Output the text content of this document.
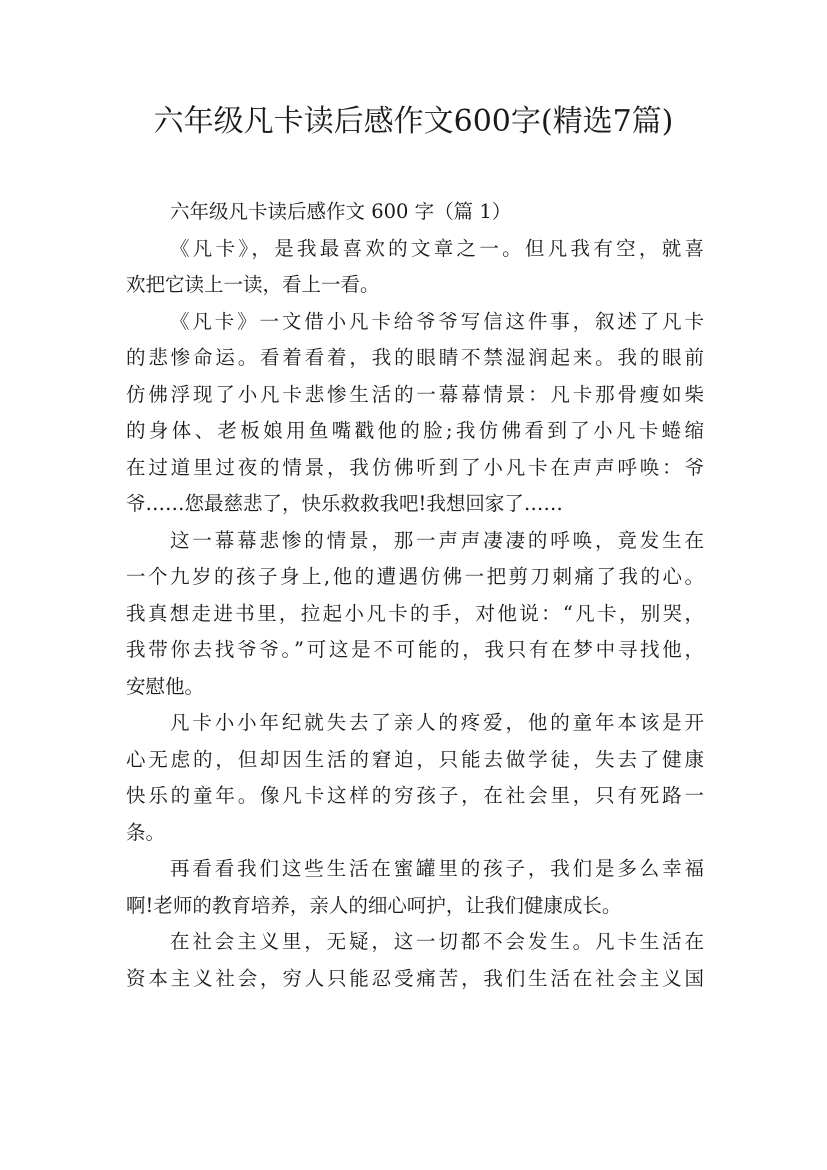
六年级凡卡读后感作文600字(精选7篇)

六年级凡卡读后感作文 600 字（篇 1）

《凡卡》，是我最喜欢的文章之一。但凡我有空，就喜

欢把它读上一读，看上一看。

《凡卡》一文借小凡卡给爷爷写信这件事，叙述了凡卡

的悲惨命运。看着看着，我的眼睛不禁湿润起来。我的眼前

仿佛浮现了小凡卡悲惨生活的一幕幕情景：凡卡那骨瘦如柴

的身体、老板娘用鱼嘴戳他的脸;我仿佛看到了小凡卡蜷缩

在过道里过夜的情景，我仿佛听到了小凡卡在声声呼唤：爷

爷……您最慈悲了，快乐救救我吧!我想回家了……

这一幕幕悲惨的情景，那一声声凄凄的呼唤，竟发生在

一个九岁的孩子身上,他的遭遇仿佛一把剪刀刺痛了我的心。

我真想走进书里，拉起小凡卡的手，对他说：“凡卡，别哭，

我带你去找爷爷。”可这是不可能的，我只有在梦中寻找他，

安慰他。

凡卡小小年纪就失去了亲人的疼爱，他的童年本该是开

心无虑的，但却因生活的窘迫，只能去做学徒，失去了健康

快乐的童年。像凡卡这样的穷孩子，在社会里，只有死路一

条。

再看看我们这些生活在蜜罐里的孩子，我们是多么幸福

啊!老师的教育培养，亲人的细心呵护，让我们健康成长。

在社会主义里，无疑，这一切都不会发生。凡卡生活在

资本主义社会，穷人只能忍受痛苦，我们生活在社会主义国
